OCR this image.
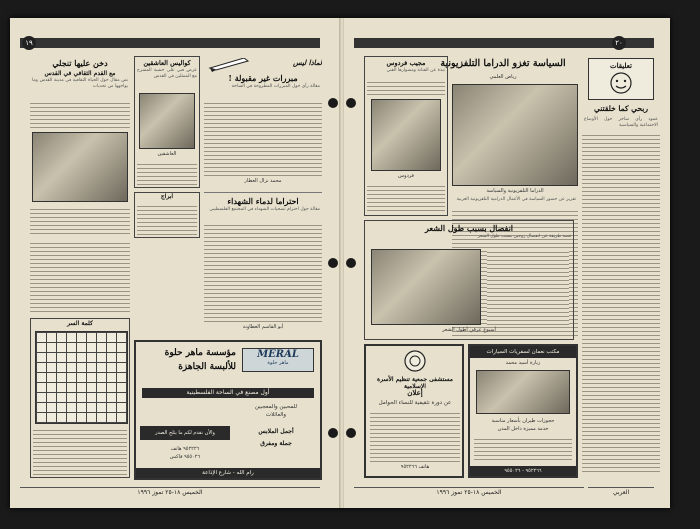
١٩
دخن عليها تنجلي
مع القدم الثقافي في القدس
نص مقال حول الحياة الثقافية في مدينة القدس وما يواجهها من تحديات
كواليس العاشقين
عرض فني على خشبة المسرح مع الممثلين في القدس
العاشقين
لماذا ليس
مبررات غير مقبولة !
مقالة رأي حول المبررات المطروحة في الساحة
محمد نزال العطار
ابراج	احتراما لدماء الشهداء
مقالة حول احترام تضحيات الشهداء في المجتمع الفلسطيني
أبو القاسم العطاونة
كلمة السر
MERAL
ماهر حلوة
مؤسسة ماهر حلوة
للألبسة الجاهزة
أول مصنع في الساحة الفلسطينية
للمحبين والمعجبين
والعائلات
والأن نقدم لكم ما يثلج الصدر	أجمل الملابس
جملة ومفرق
٩٥٢٢٢٦ هاتف
٩٥٥٠٢٦ فاكس
رام الله - شارع الإذاعة
الخميس ١٨-٢٥ تموز ١٩٩٦
٢٠
تعليقات
ربحي كما خلقتني
عمود رأي ساخر حول الأوضاع الاجتماعية والسياسية
السياسة تغزو الدراما التلفزيونية
رياض العلمي
الدراما التلفزيونية والسياسة
تقرير عن حضور السياسة في الأعمال الدرامية التلفزيونية العربية
مجيب فردوس
نبذة عن الفنانة ومشوارها الفني
فردوس
انفصال بسبب طول الشعر
قصة طريفة عن انفصال زوجين بسبب طول الشعر
أسبوع عرفي أطول الشعر
مستشفى جمعية تنظيم الأسرة الإسلامية
إعلان
عن دورة تثقيفية للنساء الحوامل
هاتف ٩٥٢٢٦٦
مكتب نعمان لسفريات السيارات
زيارة أسيد محمد
حجوزات طيران بأسعار مناسبة
خدمة مميزة داخل المدن
٩٥٢٢٦٦ - ٩٥٥٠٢٦
الخميس ١٨-٢٥ تموز ١٩٩٦	العربي
